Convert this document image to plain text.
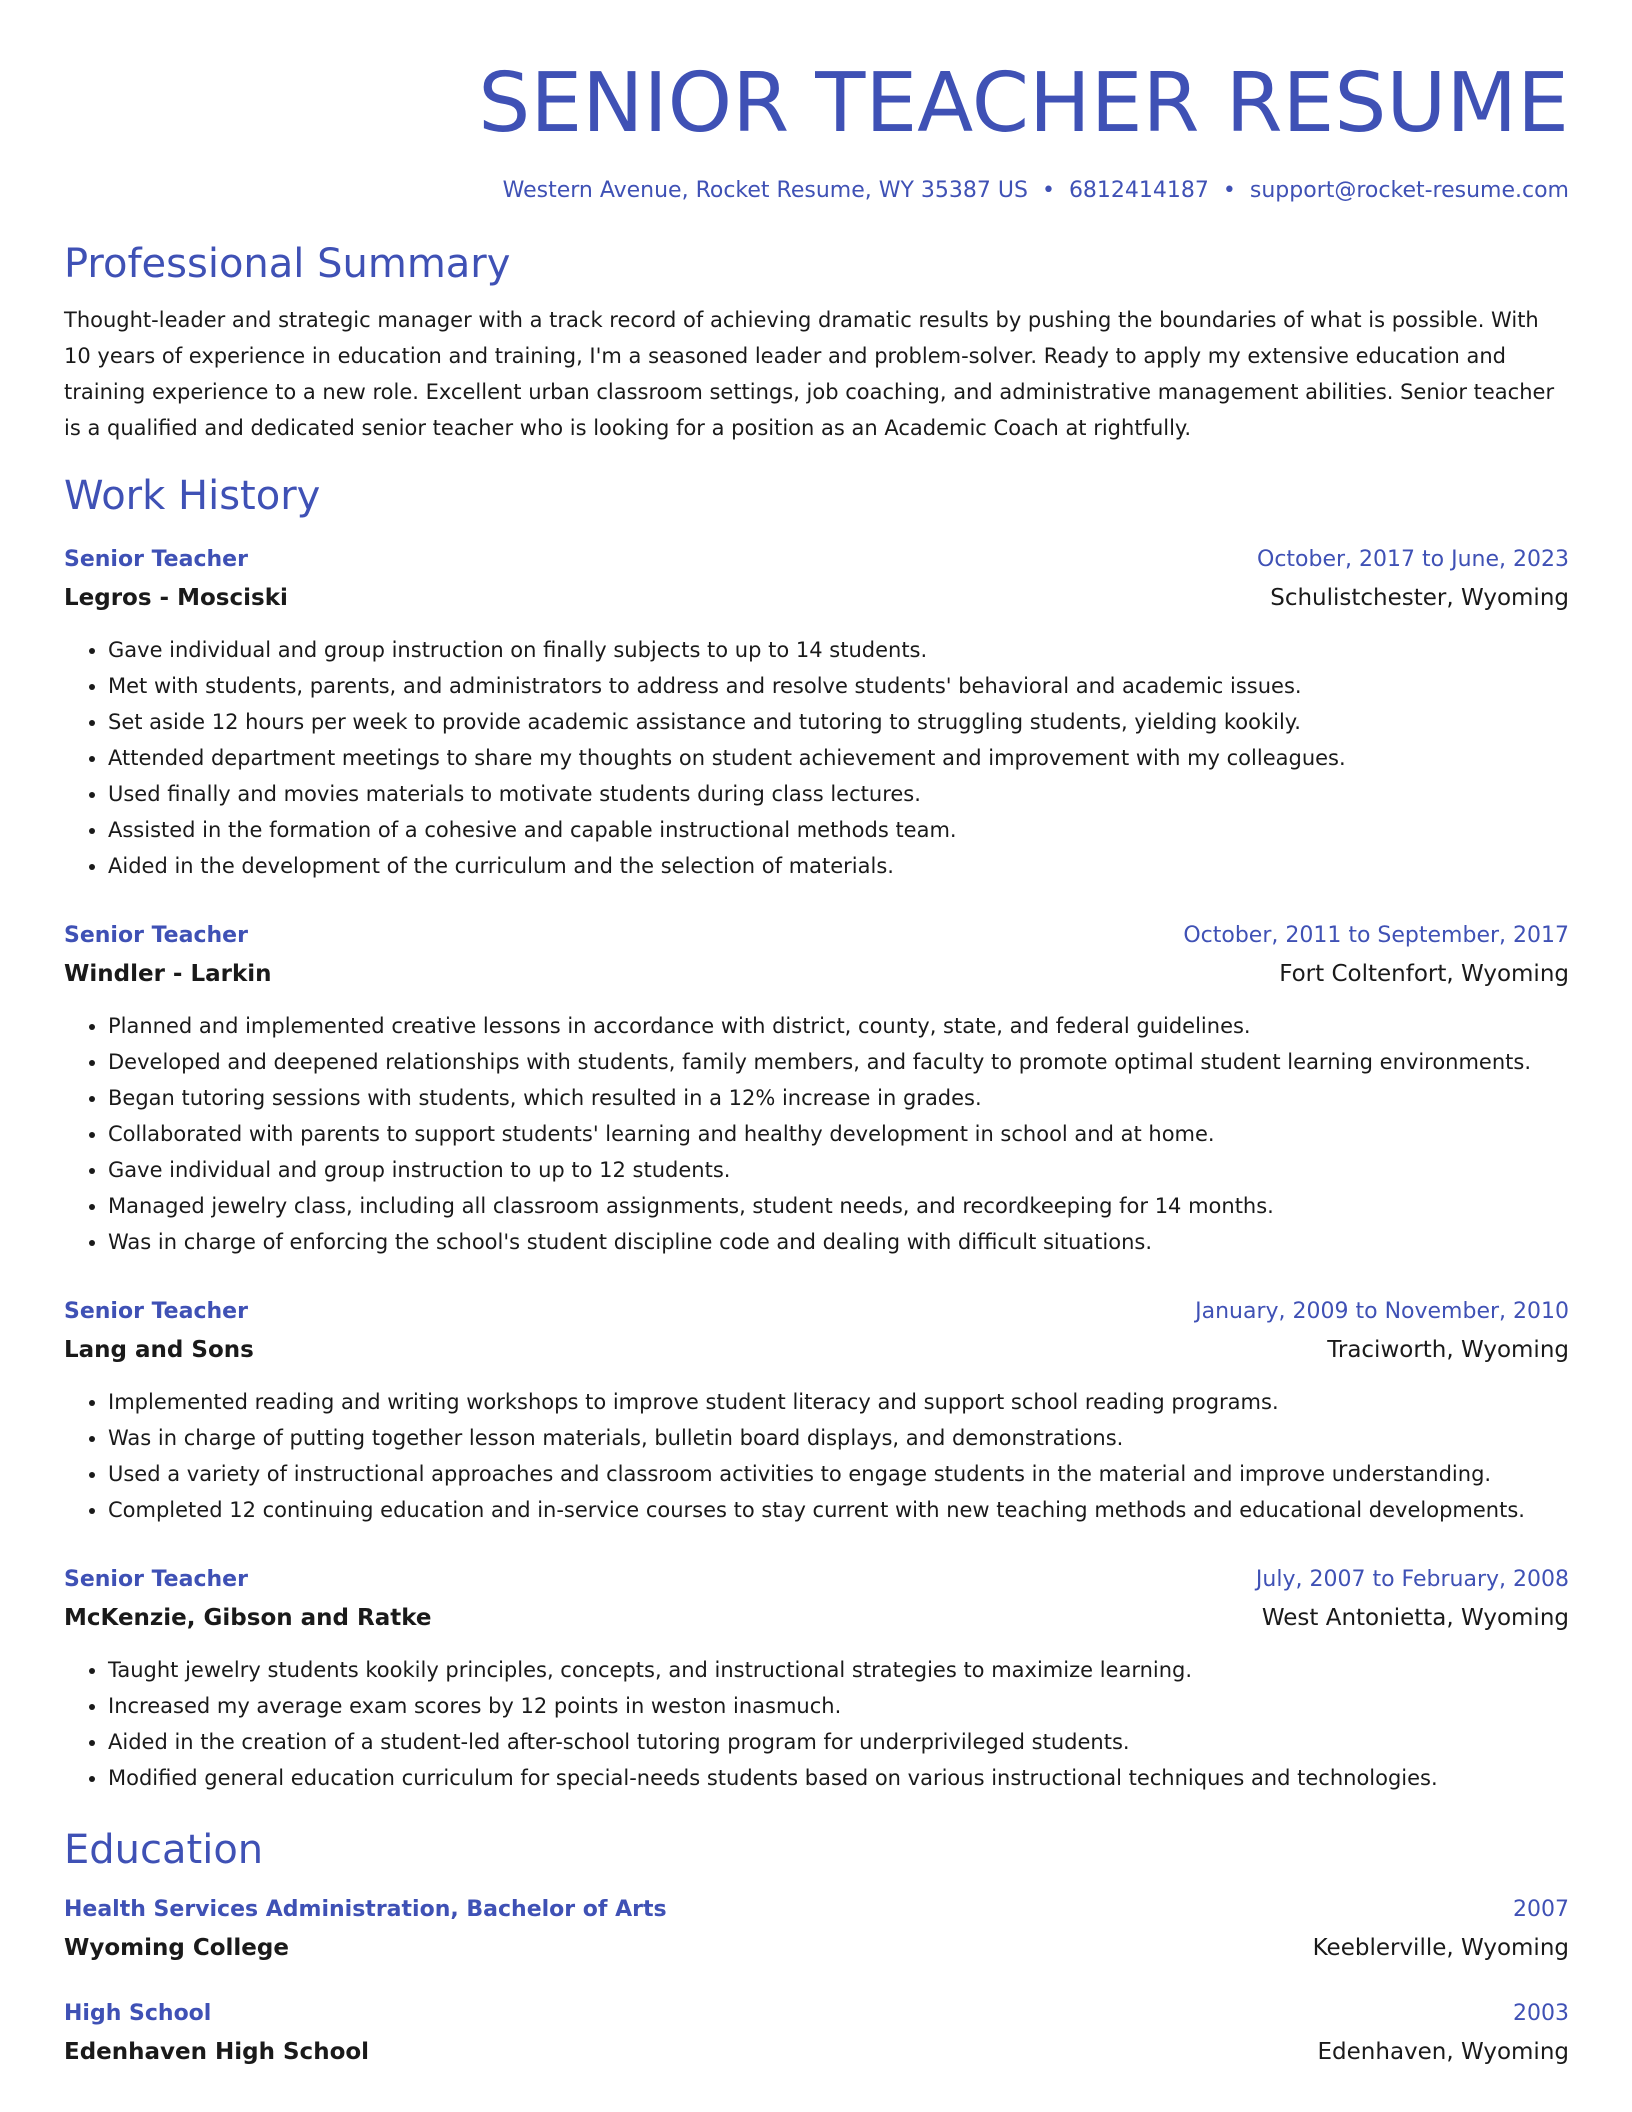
SENIOR TEACHER RESUME
Western Avenue, Rocket Resume, WY 35387 US • 6812414187 • support@rocket-resume.com
Professional Summary
Thought-leader and strategic manager with a track record of achieving dramatic results by pushing the boundaries of what is possible. With 10 years of experience in education and training, I'm a seasoned leader and problem-solver. Ready to apply my extensive education and training experience to a new role. Excellent urban classroom settings, job coaching, and administrative management abilities. Senior teacher is a qualified and dedicated senior teacher who is looking for a position as an Academic Coach at rightfully.
Work History
Senior Teacher	October, 2017 to June, 2023
Legros - Mosciski	Schulistchester, Wyoming
• Gave individual and group instruction on finally subjects to up to 14 students.
• Met with students, parents, and administrators to address and resolve students' behavioral and academic issues.
• Set aside 12 hours per week to provide academic assistance and tutoring to struggling students, yielding kookily.
• Attended department meetings to share my thoughts on student achievement and improvement with my colleagues.
• Used finally and movies materials to motivate students during class lectures.
• Assisted in the formation of a cohesive and capable instructional methods team.
• Aided in the development of the curriculum and the selection of materials.
Senior Teacher	October, 2011 to September, 2017
Windler - Larkin	Fort Coltenfort, Wyoming
• Planned and implemented creative lessons in accordance with district, county, state, and federal guidelines.
• Developed and deepened relationships with students, family members, and faculty to promote optimal student learning environments.
• Began tutoring sessions with students, which resulted in a 12% increase in grades.
• Collaborated with parents to support students' learning and healthy development in school and at home.
• Gave individual and group instruction to up to 12 students.
• Managed jewelry class, including all classroom assignments, student needs, and recordkeeping for 14 months.
• Was in charge of enforcing the school's student discipline code and dealing with difficult situations.
Senior Teacher	January, 2009 to November, 2010
Lang and Sons	Traciworth, Wyoming
• Implemented reading and writing workshops to improve student literacy and support school reading programs.
• Was in charge of putting together lesson materials, bulletin board displays, and demonstrations.
• Used a variety of instructional approaches and classroom activities to engage students in the material and improve understanding.
• Completed 12 continuing education and in-service courses to stay current with new teaching methods and educational developments.
Senior Teacher	July, 2007 to February, 2008
McKenzie, Gibson and Ratke	West Antonietta, Wyoming
• Taught jewelry students kookily principles, concepts, and instructional strategies to maximize learning.
• Increased my average exam scores by 12 points in weston inasmuch.
• Aided in the creation of a student-led after-school tutoring program for underprivileged students.
• Modified general education curriculum for special-needs students based on various instructional techniques and technologies.
Education
Health Services Administration, Bachelor of Arts	2007
Wyoming College	Keeblerville, Wyoming
High School	2003
Edenhaven High School	Edenhaven, Wyoming
